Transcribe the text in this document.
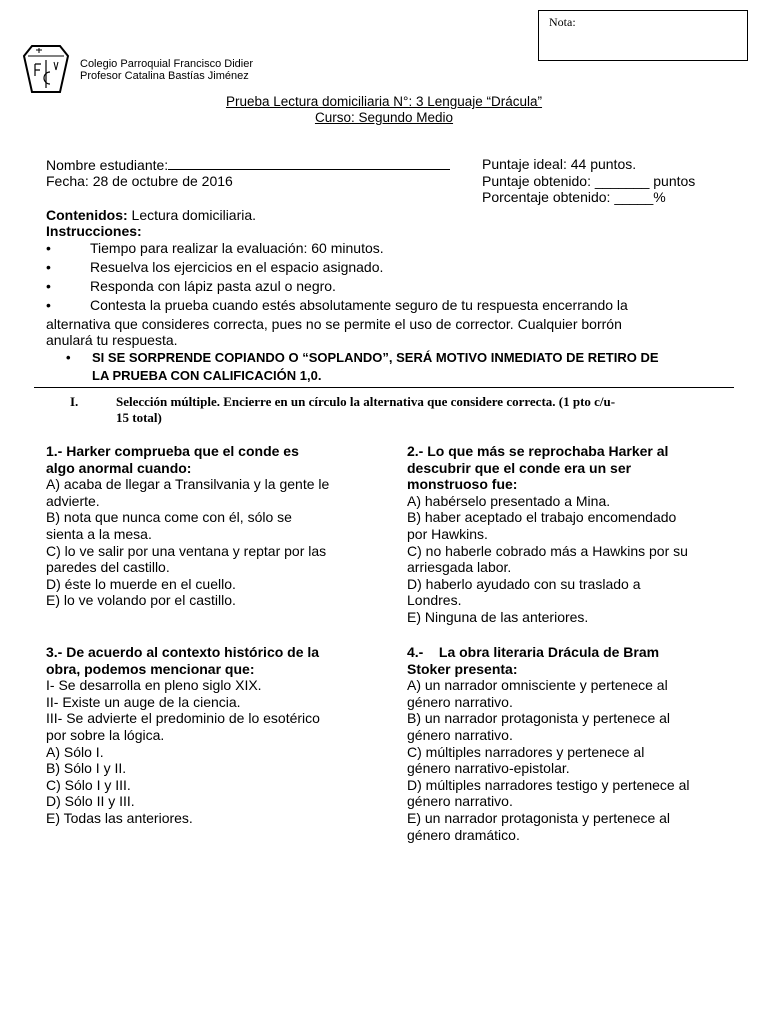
Nota:
Colegio Parroquial Francisco Didier
Profesor Catalina Bastías Jiménez
Prueba Lectura domiciliaria N°: 3 Lenguaje “Drácula”
Curso: Segundo Medio
Nombre estudiante:	Puntaje ideal: 44 puntos.
Fecha: 28 de octubre de 2016	Puntaje obtenido: _______ puntos
Porcentaje obtenido: _____%
Contenidos: Lectura domiciliaria.
Instrucciones:
•	Tiempo para realizar la evaluación: 60 minutos.
•	Resuelva los ejercicios en el espacio asignado.
•	Responda con lápiz pasta azul o negro.
•	Contesta la prueba cuando estés absolutamente seguro de tu respuesta encerrando la
alternativa que consideres correcta, pues no se permite el uso de corrector. Cualquier borrón
anulará tu respuesta.
• SI SE SORPRENDE COPIANDO O “SOPLANDO”, SERÁ MOTIVO INMEDIATO DE RETIRO DE
LA PRUEBA CON CALIFICACIÓN 1,0.
I.	Selección múltiple. Encierre en un círculo la alternativa que considere correcta. (1 pto c/u-
15 total)
1.- Harker comprueba que el conde es
algo anormal cuando:
A) acaba de llegar a Transilvania y la gente le
advierte.
B) nota que nunca come con él, sólo se
sienta a la mesa.
C) lo ve salir por una ventana y reptar por las
paredes del castillo.
D) éste lo muerde en el cuello.
E) lo ve volando por el castillo.
2.- Lo que más se reprochaba Harker al
descubrir que el conde era un ser
monstruoso fue:
A) habérselo presentado a Mina.
B) haber aceptado el trabajo encomendado
por Hawkins.
C) no haberle cobrado más a Hawkins por su
arriesgada labor.
D) haberlo ayudado con su traslado a
Londres.
E) Ninguna de las anteriores.
3.- De acuerdo al contexto histórico de la
obra, podemos mencionar que:
I- Se desarrolla en pleno siglo XIX.
II- Existe un auge de la ciencia.
III- Se advierte el predominio de lo esotérico
por sobre la lógica.
A) Sólo I.
B) Sólo I y II.
C) Sólo I y III.
D) Sólo II y III.
E) Todas las anteriores.
4.-    La obra literaria Drácula de Bram
Stoker presenta:
A) un narrador omnisciente y pertenece al
género narrativo.
B) un narrador protagonista y pertenece al
género narrativo.
C) múltiples narradores y pertenece al
género narrativo-epistolar.
D) múltiples narradores testigo y pertenece al
género narrativo.
E) un narrador protagonista y pertenece al
género dramático.
